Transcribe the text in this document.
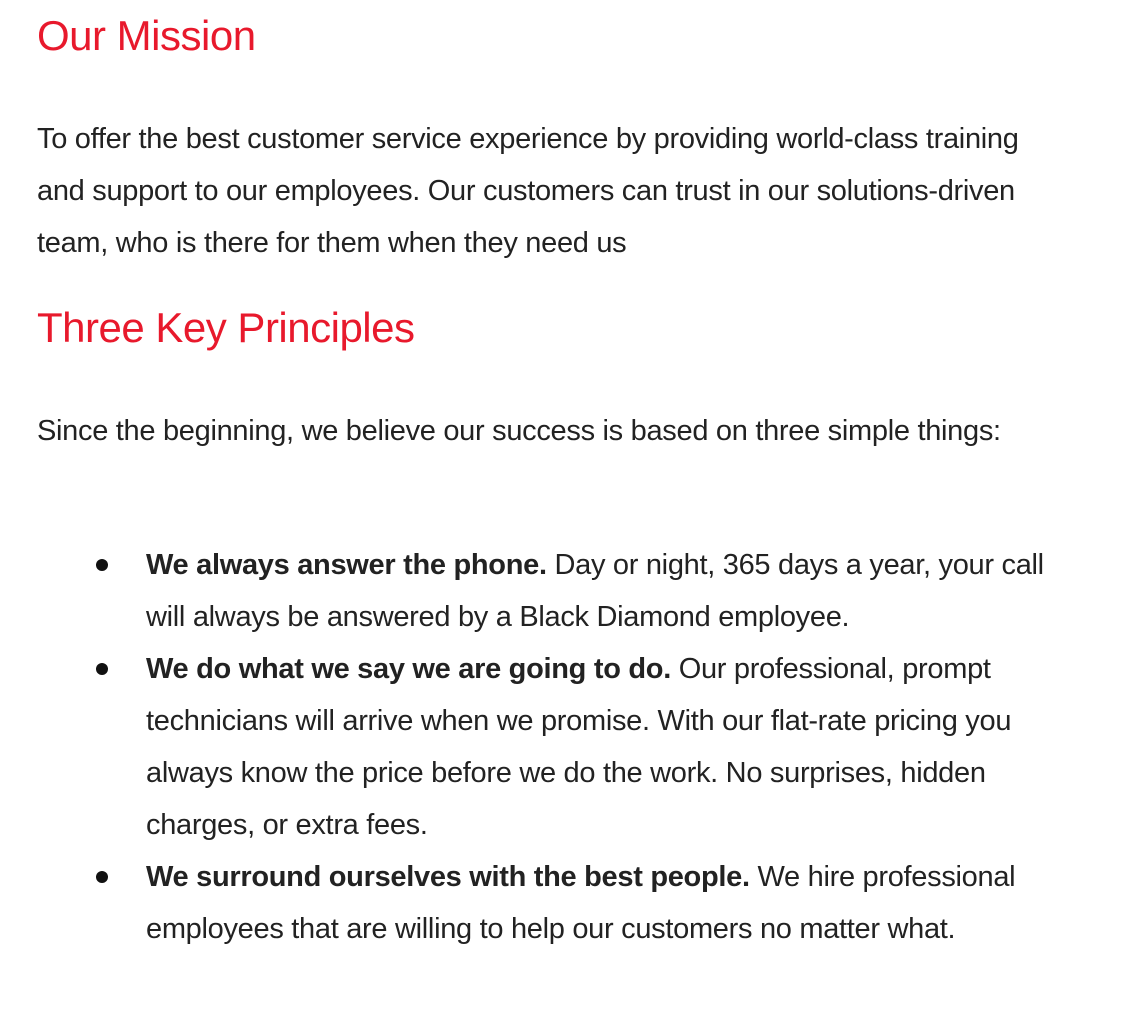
Our Mission

To offer the best customer service experience by providing world-class training and support to our employees. Our customers can trust in our solutions-driven team, who is there for them when they need us

Three Key Principles

Since the beginning, we believe our success is based on three simple things:

We always answer the phone. Day or night, 365 days a year, your call will always be answered by a Black Diamond employee.
We do what we say we are going to do. Our professional, prompt technicians will arrive when we promise. With our flat-rate pricing you always know the price before we do the work. No surprises, hidden charges, or extra fees.
We surround ourselves with the best people. We hire professional employees that are willing to help our customers no matter what.
